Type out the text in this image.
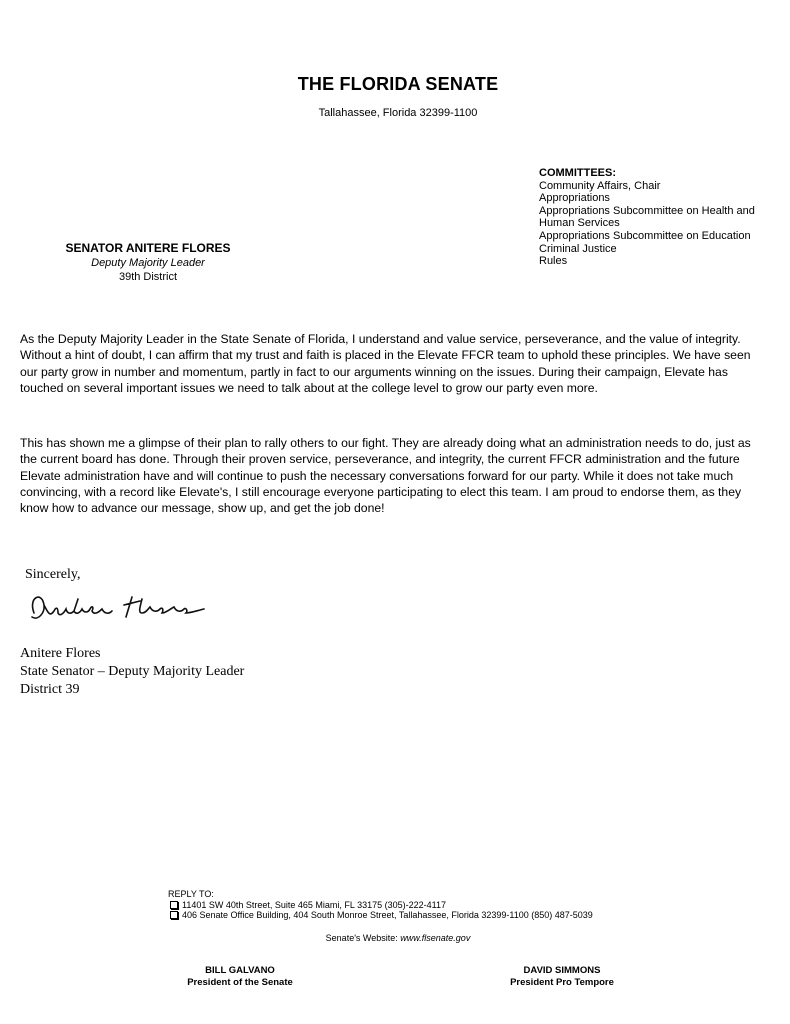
THE FLORIDA SENATE
Tallahassee, Florida 32399-1100
COMMITTEES:
Community Affairs, Chair
Appropriations
Appropriations Subcommittee on Health and
Human Services
Appropriations Subcommittee on Education
Criminal Justice
Rules
SENATOR ANITERE FLORES
Deputy Majority Leader
39th District
As the Deputy Majority Leader in the State Senate of Florida, I understand and value service, perseverance, and the value of integrity. Without a hint of doubt, I can affirm that my trust and faith is placed in the Elevate FFCR team to uphold these principles. We have seen our party grow in number and momentum, partly in fact to our arguments winning on the issues. During their campaign, Elevate has touched on several important issues we need to talk about at the college level to grow our party even more.
This has shown me a glimpse of their plan to rally others to our fight. They are already doing what an administration needs to do, just as the current board has done. Through their proven service, perseverance, and integrity, the current FFCR administration and the future Elevate administration have and will continue to push the necessary conversations forward for our party. While it does not take much convincing, with a record like Elevate's, I still encourage everyone participating to elect this team. I am proud to endorse them, as they know how to advance our message, show up, and get the job done!
Sincerely,
Anitere Flores
State Senator – Deputy Majority Leader
District 39
REPLY TO:
11401 SW 40th Street, Suite 465 Miami, FL 33175 (305)-222-4117
406 Senate Office Building, 404 South Monroe Street, Tallahassee, Florida 32399-1100 (850) 487-5039
Senate's Website: www.flsenate.gov
BILL GALVANO
President of the Senate
DAVID SIMMONS
President Pro Tempore
